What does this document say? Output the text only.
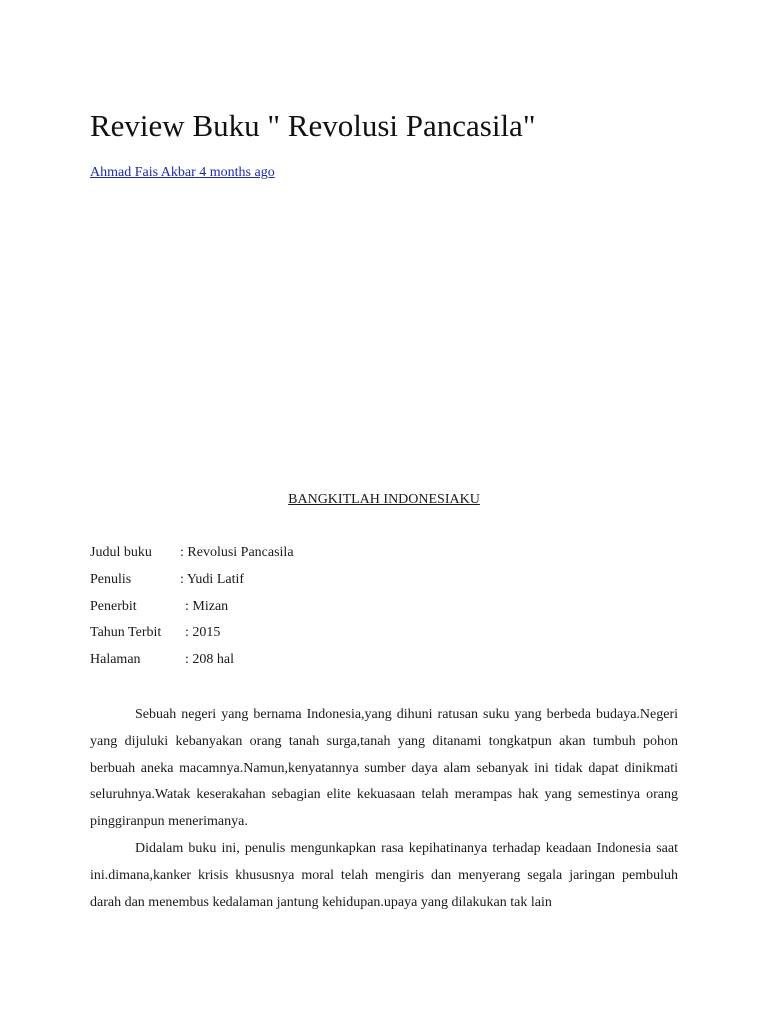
Review Buku " Revolusi Pancasila"
Ahmad Fais Akbar 4 months ago
BANGKITLAH INDONESIAKU
Judul buku : Revolusi Pancasila
Penulis	: Yudi Latif
Penerbit	: Mizan
Tahun Terbit : 2015
Halaman	: 208 hal

Sebuah negeri yang bernama Indonesia,yang dihuni ratusan suku yang berbeda budaya.Negeri yang dijuluki kebanyakan orang tanah surga,tanah yang ditanami tongkatpun akan tumbuh pohon berbuah aneka macamnya.Namun,kenyatannya sumber daya alam sebanyak ini tidak dapat dinikmati seluruhnya.Watak keserakahan sebagian elite kekuasaan telah merampas hak yang semestinya orang pinggiranpun menerimanya.

Didalam buku ini, penulis mengunkapkan rasa kepihatinanya terhadap keadaan Indonesia saat ini.dimana,kanker krisis khususnya moral telah mengiris dan menyerang segala jaringan pembuluh darah dan menembus kedalaman jantung kehidupan.upaya yang dilakukan tak lain
